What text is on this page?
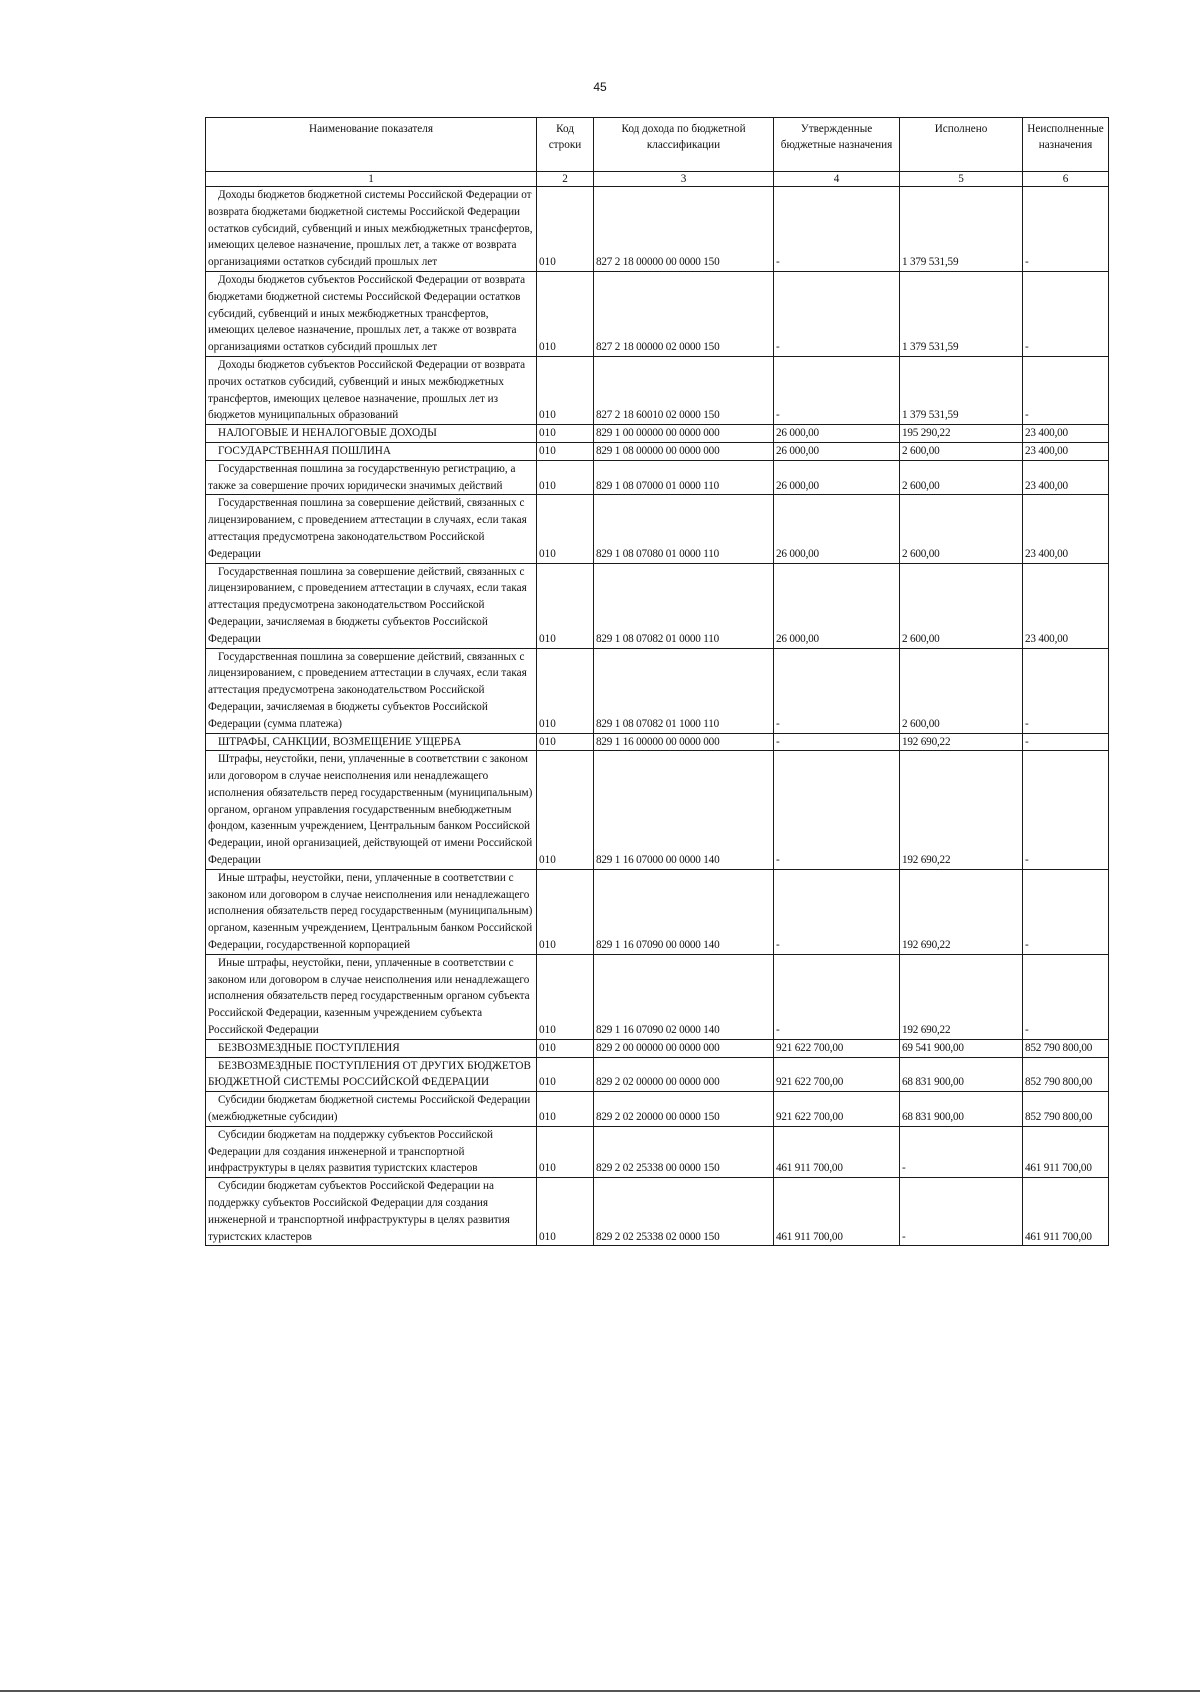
45
Наименование показателя	Код строки	Код дохода по бюджетной классификации	Утвержденные бюджетные назначения	Исполнено	Неисполненные назначения
1	2	3	4	5	6
Доходы бюджетов бюджетной системы Российской Федерации от возврата бюджетами бюджетной системы Российской Федерации остатков субсидий, субвенций и иных межбюджетных трансфертов, имеющих целевое назначение, прошлых лет, а также от возврата организациями остатков субсидий прошлых лет	010	827 2 18 00000 00 0000 150	-	1 379 531,59	-
Доходы бюджетов субъектов Российской Федерации от возврата бюджетами бюджетной системы Российской Федерации остатков субсидий, субвенций и иных межбюджетных трансфертов, имеющих целевое назначение, прошлых лет, а также от возврата организациями остатков субсидий прошлых лет	010	827 2 18 00000 02 0000 150	-	1 379 531,59	-
Доходы бюджетов субъектов Российской Федерации от возврата прочих остатков субсидий, субвенций и иных межбюджетных трансфертов, имеющих целевое назначение, прошлых лет из бюджетов муниципальных образований	010	827 2 18 60010 02 0000 150	-	1 379 531,59	-
НАЛОГОВЫЕ И НЕНАЛОГОВЫЕ ДОХОДЫ	010	829 1 00 00000 00 0000 000	26 000,00	195 290,22	23 400,00
ГОСУДАРСТВЕННАЯ ПОШЛИНА	010	829 1 08 00000 00 0000 000	26 000,00	2 600,00	23 400,00
Государственная пошлина за государственную регистрацию, а также за совершение прочих юридически значимых действий	010	829 1 08 07000 01 0000 110	26 000,00	2 600,00	23 400,00
Государственная пошлина за совершение действий, связанных с лицензированием, с проведением аттестации в случаях, если такая аттестация предусмотрена законодательством Российской Федерации	010	829 1 08 07080 01 0000 110	26 000,00	2 600,00	23 400,00
Государственная пошлина за совершение действий, связанных с лицензированием, с проведением аттестации в случаях, если такая аттестация предусмотрена законодательством Российской Федерации, зачисляемая в бюджеты субъектов Российской Федерации	010	829 1 08 07082 01 0000 110	26 000,00	2 600,00	23 400,00
Государственная пошлина за совершение действий, связанных с лицензированием, с проведением аттестации в случаях, если такая аттестация предусмотрена законодательством Российской Федерации, зачисляемая в бюджеты субъектов Российской Федерации (сумма платежа)	010	829 1 08 07082 01 1000 110	-	2 600,00	-
ШТРАФЫ, САНКЦИИ, ВОЗМЕЩЕНИЕ УЩЕРБА	010	829 1 16 00000 00 0000 000	-	192 690,22	-
Штрафы, неустойки, пени, уплаченные в соответствии с законом или договором в случае неисполнения или ненадлежащего исполнения обязательств перед государственным (муниципальным) органом, органом управления государственным внебюджетным фондом, казенным учреждением, Центральным банком Российской Федерации, иной организацией, действующей от имени Российской Федерации	010	829 1 16 07000 00 0000 140	-	192 690,22	-
Иные штрафы, неустойки, пени, уплаченные в соответствии с законом или договором в случае неисполнения или ненадлежащего исполнения обязательств перед государственным (муниципальным) органом, казенным учреждением, Центральным банком Российской Федерации, государственной корпорацией	010	829 1 16 07090 00 0000 140	-	192 690,22	-
Иные штрафы, неустойки, пени, уплаченные в соответствии с законом или договором в случае неисполнения или ненадлежащего исполнения обязательств перед государственным органом субъекта Российской Федерации, казенным учреждением субъекта Российской Федерации	010	829 1 16 07090 02 0000 140	-	192 690,22	-
БЕЗВОЗМЕЗДНЫЕ ПОСТУПЛЕНИЯ	010	829 2 00 00000 00 0000 000	921 622 700,00	69 541 900,00	852 790 800,00
БЕЗВОЗМЕЗДНЫЕ ПОСТУПЛЕНИЯ ОТ ДРУГИХ БЮДЖЕТОВ БЮДЖЕТНОЙ СИСТЕМЫ РОССИЙСКОЙ ФЕДЕРАЦИИ	010	829 2 02 00000 00 0000 000	921 622 700,00	68 831 900,00	852 790 800,00
Субсидии бюджетам бюджетной системы Российской Федерации (межбюджетные субсидии)	010	829 2 02 20000 00 0000 150	921 622 700,00	68 831 900,00	852 790 800,00
Субсидии бюджетам на поддержку субъектов Российской Федерации для создания инженерной и транспортной инфраструктуры в целях развития туристских кластеров	010	829 2 02 25338 00 0000 150	461 911 700,00	-	461 911 700,00
Субсидии бюджетам субъектов Российской Федерации на поддержку субъектов Российской Федерации для создания инженерной и транспортной инфраструктуры в целях развития туристских кластеров	010	829 2 02 25338 02 0000 150	461 911 700,00	-	461 911 700,00
